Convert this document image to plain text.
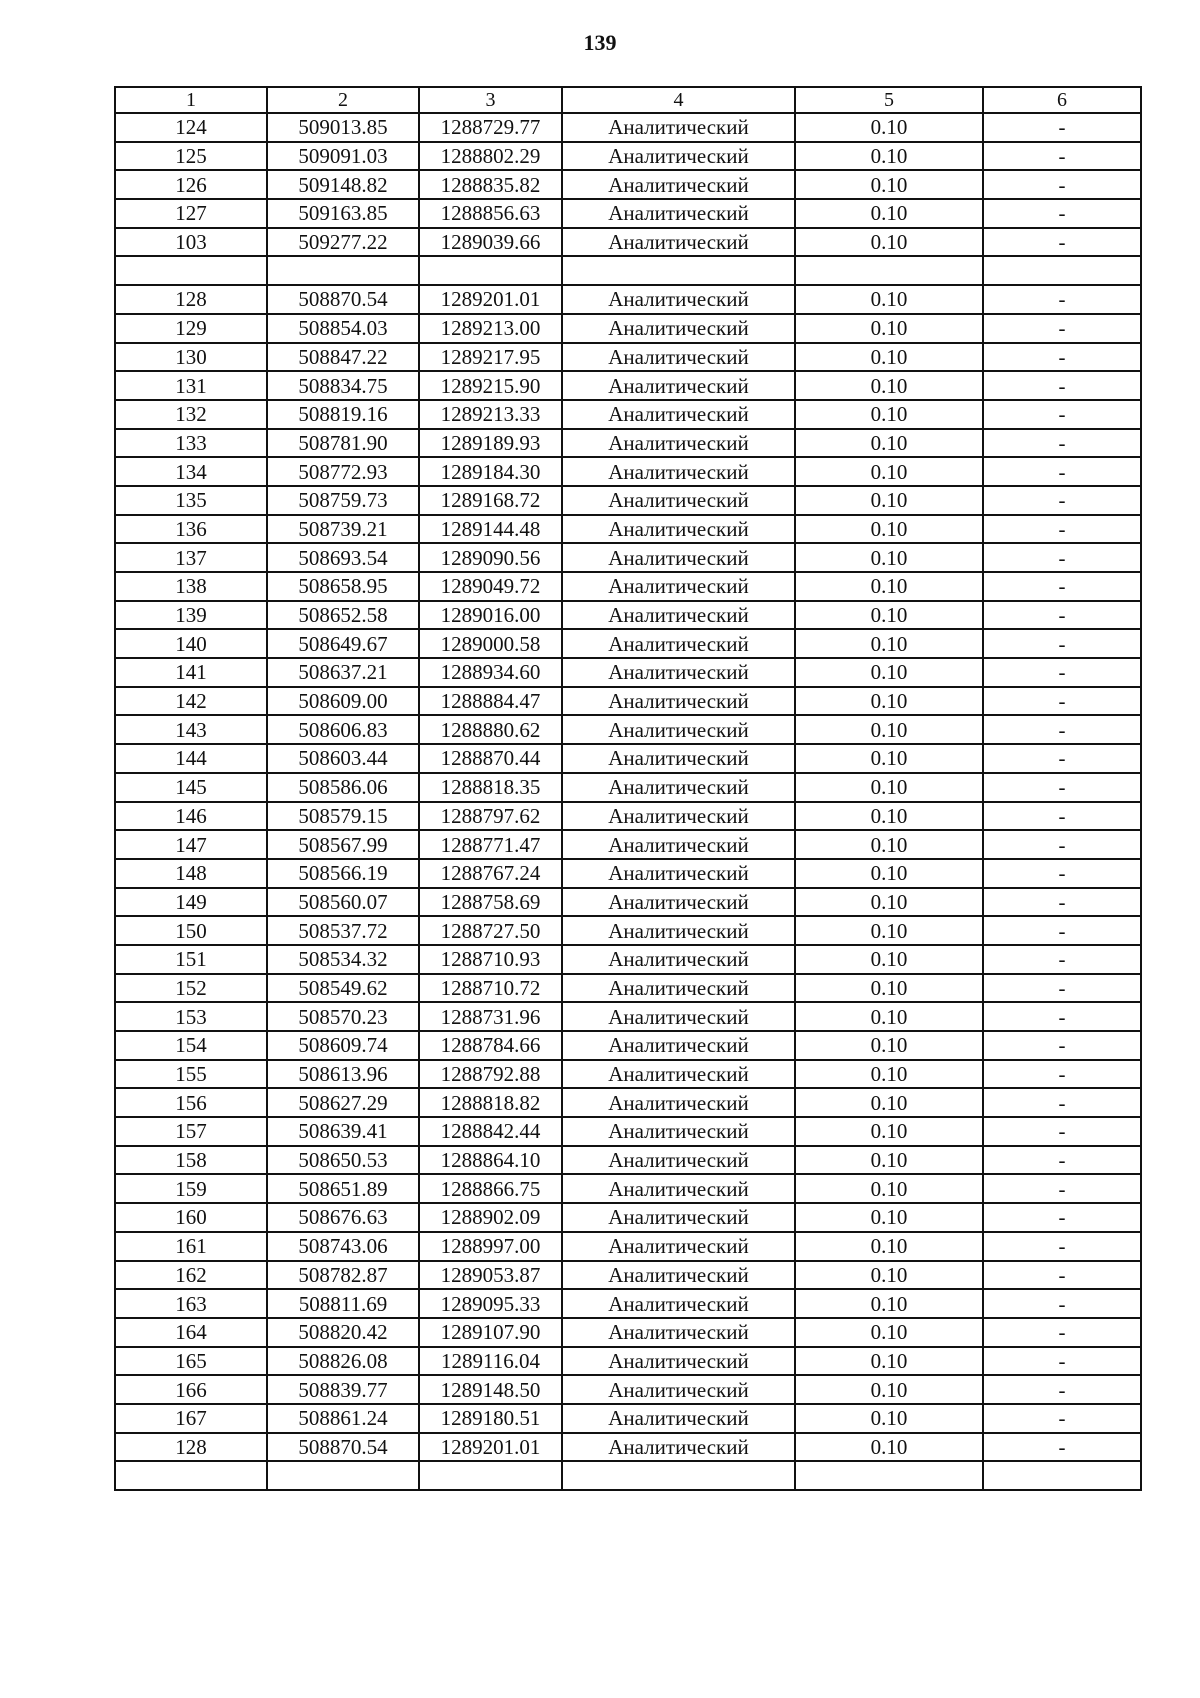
139
1	2	3	4	5	6
124	509013.85	1288729.77	Аналитический	0.10	-
125	509091.03	1288802.29	Аналитический	0.10	-
126	509148.82	1288835.82	Аналитический	0.10	-
127	509163.85	1288856.63	Аналитический	0.10	-
103	509277.22	1289039.66	Аналитический	0.10	-

128	508870.54	1289201.01	Аналитический	0.10	-
129	508854.03	1289213.00	Аналитический	0.10	-
130	508847.22	1289217.95	Аналитический	0.10	-
131	508834.75	1289215.90	Аналитический	0.10	-
132	508819.16	1289213.33	Аналитический	0.10	-
133	508781.90	1289189.93	Аналитический	0.10	-
134	508772.93	1289184.30	Аналитический	0.10	-
135	508759.73	1289168.72	Аналитический	0.10	-
136	508739.21	1289144.48	Аналитический	0.10	-
137	508693.54	1289090.56	Аналитический	0.10	-
138	508658.95	1289049.72	Аналитический	0.10	-
139	508652.58	1289016.00	Аналитический	0.10	-
140	508649.67	1289000.58	Аналитический	0.10	-
141	508637.21	1288934.60	Аналитический	0.10	-
142	508609.00	1288884.47	Аналитический	0.10	-
143	508606.83	1288880.62	Аналитический	0.10	-
144	508603.44	1288870.44	Аналитический	0.10	-
145	508586.06	1288818.35	Аналитический	0.10	-
146	508579.15	1288797.62	Аналитический	0.10	-
147	508567.99	1288771.47	Аналитический	0.10	-
148	508566.19	1288767.24	Аналитический	0.10	-
149	508560.07	1288758.69	Аналитический	0.10	-
150	508537.72	1288727.50	Аналитический	0.10	-
151	508534.32	1288710.93	Аналитический	0.10	-
152	508549.62	1288710.72	Аналитический	0.10	-
153	508570.23	1288731.96	Аналитический	0.10	-
154	508609.74	1288784.66	Аналитический	0.10	-
155	508613.96	1288792.88	Аналитический	0.10	-
156	508627.29	1288818.82	Аналитический	0.10	-
157	508639.41	1288842.44	Аналитический	0.10	-
158	508650.53	1288864.10	Аналитический	0.10	-
159	508651.89	1288866.75	Аналитический	0.10	-
160	508676.63	1288902.09	Аналитический	0.10	-
161	508743.06	1288997.00	Аналитический	0.10	-
162	508782.87	1289053.87	Аналитический	0.10	-
163	508811.69	1289095.33	Аналитический	0.10	-
164	508820.42	1289107.90	Аналитический	0.10	-
165	508826.08	1289116.04	Аналитический	0.10	-
166	508839.77	1289148.50	Аналитический	0.10	-
167	508861.24	1289180.51	Аналитический	0.10	-
128	508870.54	1289201.01	Аналитический	0.10	-
